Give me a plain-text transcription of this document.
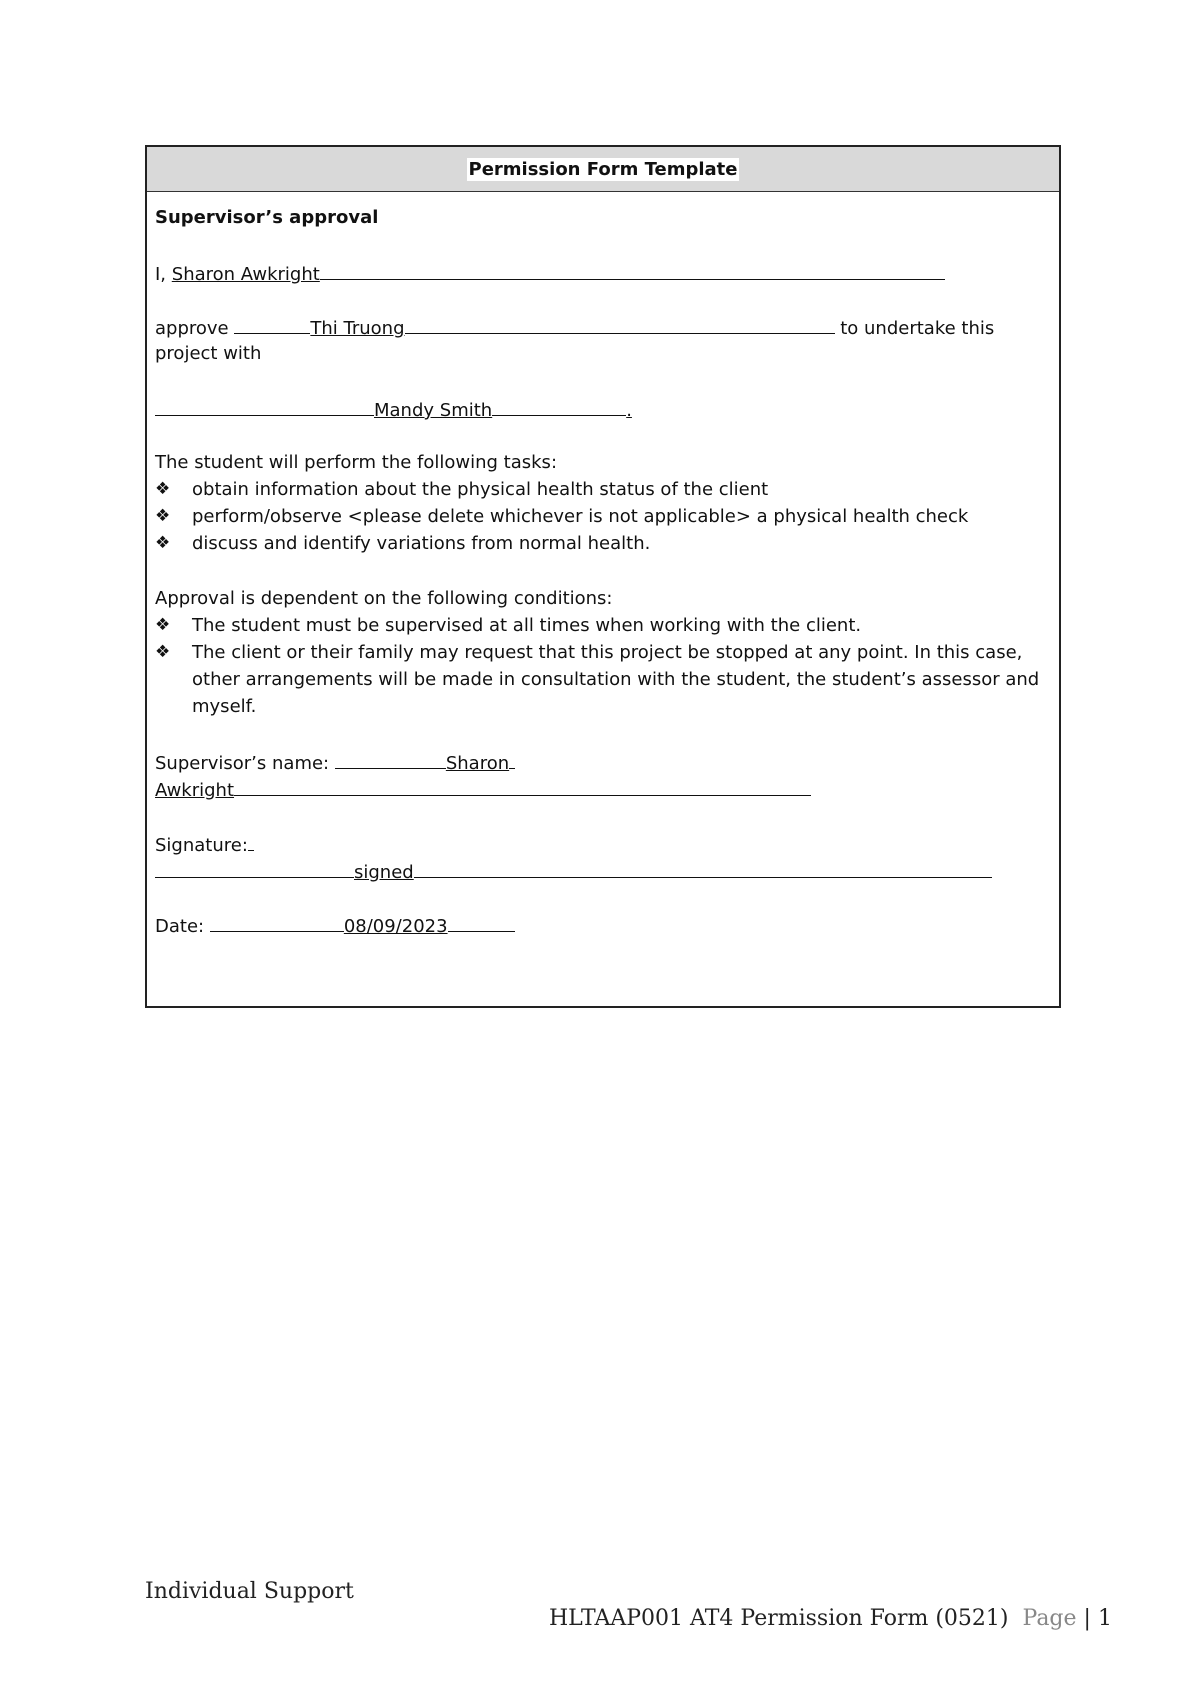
Permission Form Template
Supervisor’s approval
I, Sharon Awkright
approve	Thi Truong	to undertake this
project with
Mandy Smith	.
The student will perform the following tasks:
❖	obtain information about the physical health status of the client
❖	perform/observe <please delete whichever is not applicable> a physical health check
❖	discuss and identify variations from normal health.
Approval is dependent on the following conditions:
❖	The student must be supervised at all times when working with the client.
❖	The client or their family may request that this project be stopped at any point. In this case,
other arrangements will be made in consultation with the student, the student’s assessor and
myself.
Supervisor’s name:	Sharon
Awkright
Signature:
signed
Date:	08/09/2023
Individual Support
HLTAAP001 AT4 Permission Form (0521) Page | 1
